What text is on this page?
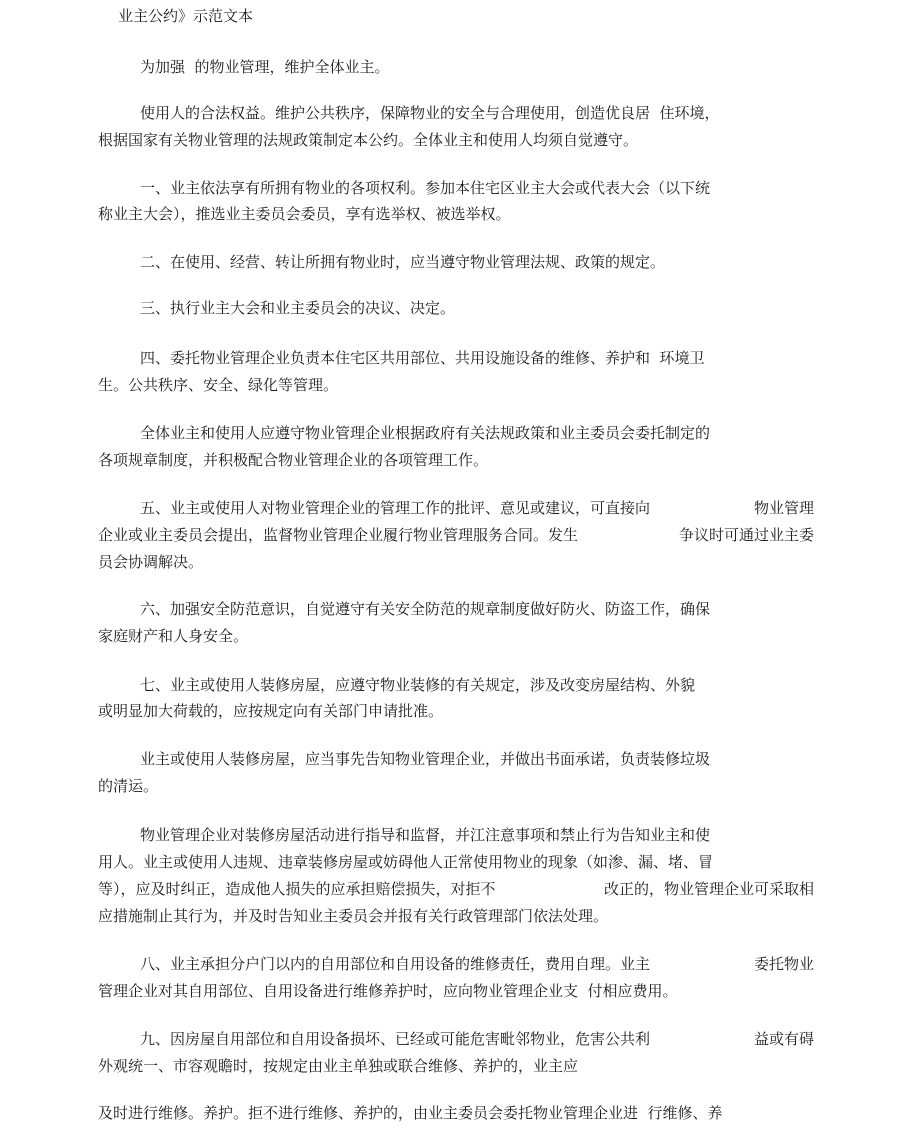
业主公约》示范文本
为加强  的物业管理，维护全体业主。
使用人的合法权益。维护公共秩序，保障物业的安全与合理使用，创造优良居  住环境，
根据国家有关物业管理的法规政策制定本公约。全体业主和使用人均须自觉遵守。
一、业主依法享有所拥有物业的各项权利。参加本住宅区业主大会或代表大会（以下统
称业主大会），推选业主委员会委员，享有选举权、被选举权。
二、在使用、经营、转让所拥有物业时，应当遵守物业管理法规、政策的规定。
三、执行业主大会和业主委员会的决议、决定。
四、委托物业管理企业负责本住宅区共用部位、共用设施设备的维修、养护和  环境卫
生。公共秩序、安全、绿化等管理。
全体业主和使用人应遵守物业管理企业根据政府有关法规政策和业主委员会委托制定的
各项规章制度，并积极配合物业管理企业的各项管理工作。
五、业主或使用人对物业管理企业的管理工作的批评、意见或建议，可直接向	物业管理
企业或业主委员会提出，监督物业管理企业履行物业管理服务合同。发生	争议时可通过业主委
员会协调解决。
六、加强安全防范意识，自觉遵守有关安全防范的规章制度做好防火、防盗工作，确保
家庭财产和人身安全。
七、业主或使用人装修房屋，应遵守物业装修的有关规定，涉及改变房屋结构、外貌
或明显加大荷载的，应按规定向有关部门申请批准。
业主或使用人装修房屋，应当事先告知物业管理企业，并做出书面承诺，负责装修垃圾
的清运。
物业管理企业对装修房屋活动进行指导和监督，并江注意事项和禁止行为告知业主和使
用人。业主或使用人违规、违章装修房屋或妨碍他人正常使用物业的现象（如渗、漏、堵、冒
等），应及时纠正，造成他人损失的应承担赔偿损失，对拒不	改正的，物业管理企业可采取相
应措施制止其行为，并及时告知业主委员会并报有关行政管理部门依法处理。
八、业主承担分户门以内的自用部位和自用设备的维修责任，费用自理。业主	委托物业
管理企业对其自用部位、自用设备进行维修养护时，应向物业管理企业支  付相应费用。
九、因房屋自用部位和自用设备损坏、已经或可能危害毗邻物业，危害公共利	益或有碍
外观统一、市容观瞻时，按规定由业主单独或联合维修、养护的，业主应
及时进行维修。养护。拒不进行维修、养护的，由业主委员会委托物业管理企业进  行维修、养
